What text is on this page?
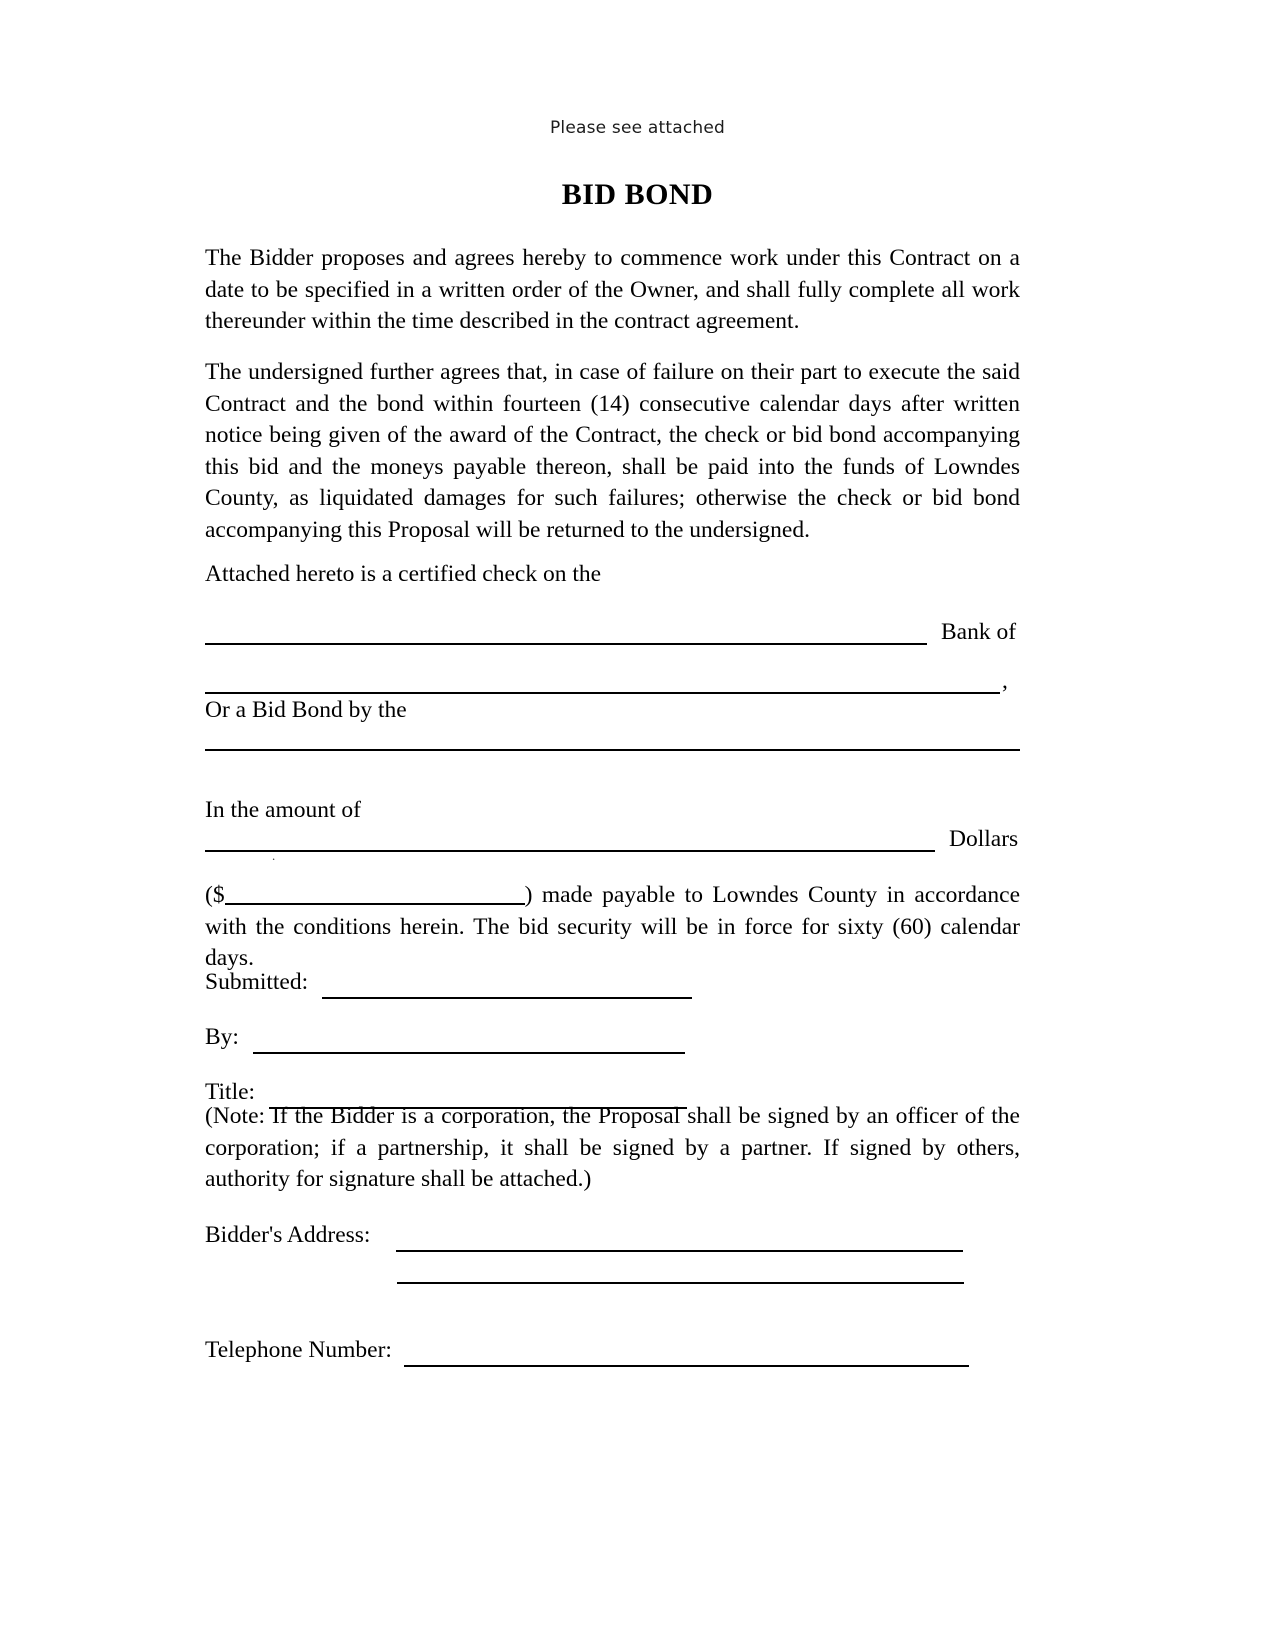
Please see attached
BID BOND

The Bidder proposes and agrees hereby to commence work under this Contract on a date to be specified in a written order of the Owner, and shall fully complete all work thereunder within the time described in the contract agreement.

The undersigned further agrees that, in case of failure on their part to execute the said Contract and the bond within fourteen (14) consecutive calendar days after written notice being given of the award of the Contract, the check or bid bond accompanying this bid and the moneys payable thereon, shall be paid into the funds of Lowndes County, as liquidated damages for such failures; otherwise the check or bid bond accompanying this Proposal will be returned to the undersigned.

Attached hereto is a certified check on the
Bank of
,
Or a Bid Bond by the
In the amount of
Dollars
.
($	) made payable to Lowndes County in accordance with the conditions herein. The bid security will be in force for sixty (60) calendar days.
Submitted:
By:
Title:

(Note: If the Bidder is a corporation, the Proposal shall be signed by an officer of the corporation; if a partnership, it shall be signed by a partner. If signed by others, authority for signature shall be attached.)

Bidder's Address:
Telephone Number:
